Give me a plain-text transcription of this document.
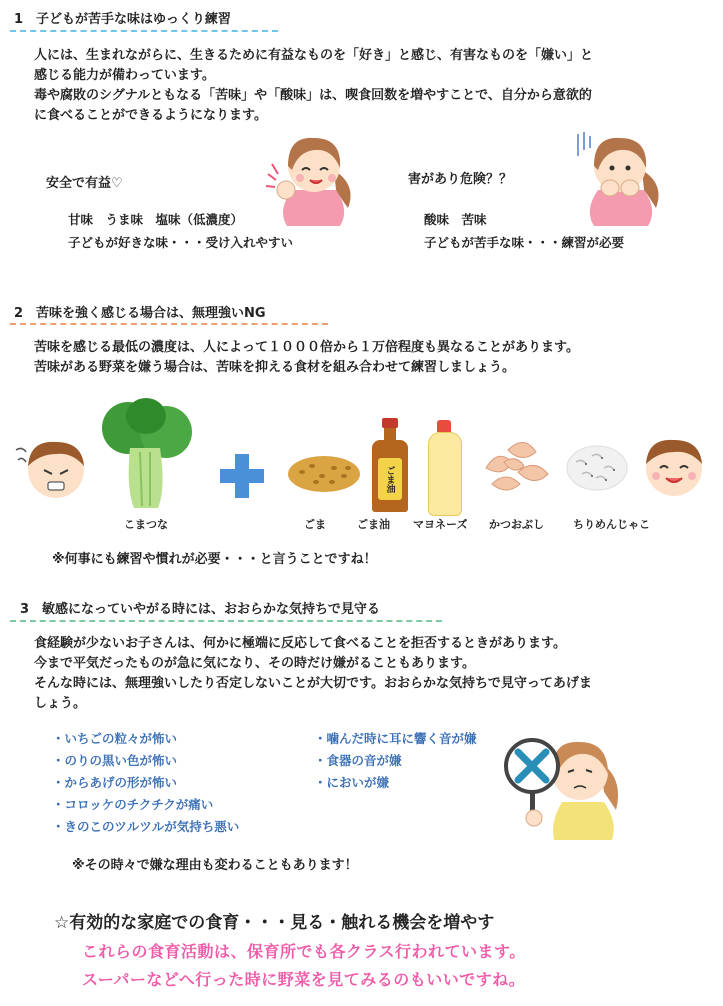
1　子どもが苦手な味はゆっくり練習
人には、生まれながらに、生きるために有益なものを「好き」と感じ、有害なものを「嫌い」と
感じる能力が備わっています。
毒や腐敗のシグナルともなる「苦味」や「酸味」は、喫食回数を増やすことで、自分から意欲的
に食べることができるようになります。
安全で有益♡
甘味　うま味　塩味（低濃度）
子どもが好きな味・・・受け入れやすい
害があり危険？？
酸味　苦味
子どもが苦手な味・・・練習が必要
2　苦味を強く感じる場合は、無理強いNG
苦味を感じる最低の濃度は、人によって１０００倍から１万倍程度も異なることがあります。
苦味がある野菜を嫌う場合は、苦味を抑える食材を組み合わせて練習しましょう。
こまつな	ごま
ごま油
ごま油 マヨネーズ かつおぶし	ちりめんじゃこ
※何事にも練習や慣れが必要・・・と言うことですね！
3　敏感になっていやがる時には、おおらかな気持ちで見守る
食経験が少ないお子さんは、何かに極端に反応して食べることを拒否するときがあります。
今まで平気だったものが急に気になり、その時だけ嫌がることもあります。
そんな時には、無理強いしたり否定しないことが大切です。おおらかな気持ちで見守ってあげま
しょう。
・いちごの粒々が怖い
・のりの黒い色が怖い
・からあげの形が怖い
・コロッケのチクチクが痛い
・きのこのツルツルが気持ち悪い
・噛んだ時に耳に響く音が嫌
・食器の音が嫌
・においが嫌
※その時々で嫌な理由も変わることもあります！
☆有効的な家庭での食育・・・見る・触れる機会を増やす
これらの食育活動は、保育所でも各クラス行われています。
スーパーなどへ行った時に野菜を見てみるのもいいですね。
